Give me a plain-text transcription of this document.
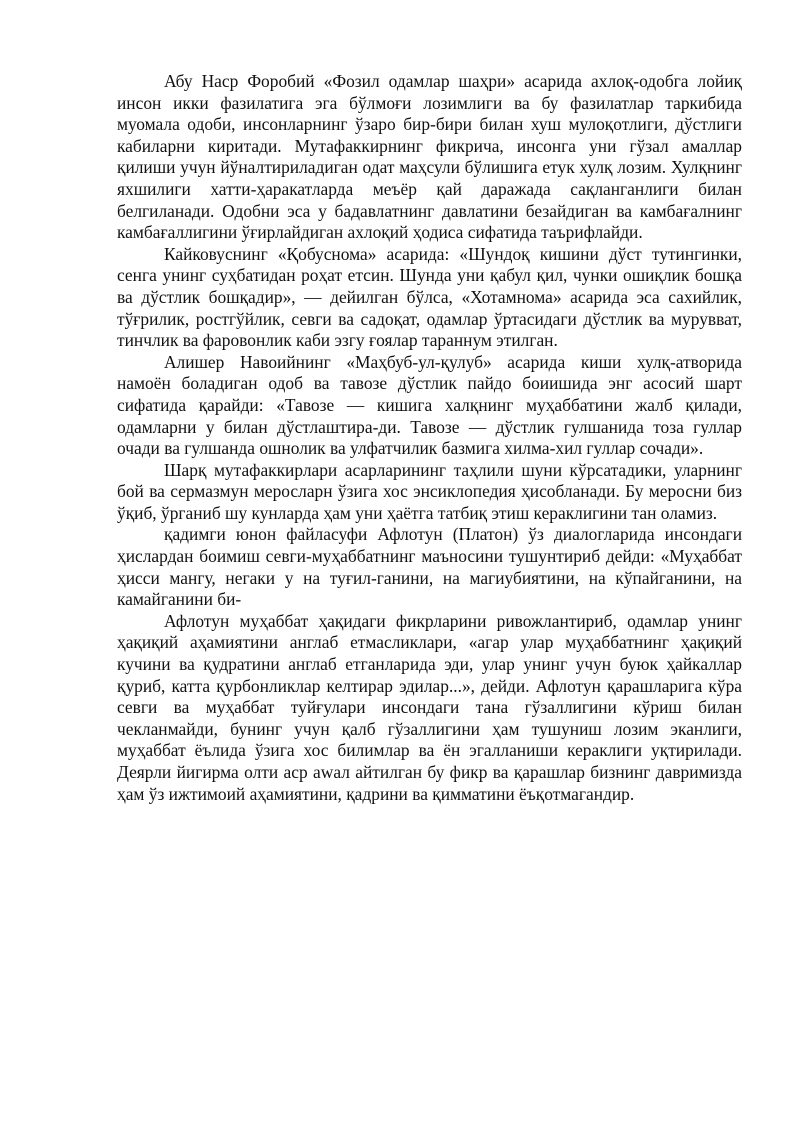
Абу Наср Форобий «Фозил одамлар шаҳри» асарида ахлоқ-одобга лойиқ инсон икки фазилатига эга бўлмоғи лозимлиги ва бу фазилатлар таркибида муомала одоби, инсонларнинг ўзаро бир-бири билан хуш мулоқотлиги, дўстлиги кабиларни киритади. Мутафаккирнинг фикрича, инсонга уни гўзал амаллар қилиши учун йўналтириладиган одат маҳсули бўлишига етук хулқ лозим. Хулқнинг яхшилиги хатти-ҳаракатларда меъёр қай даражада сақланганлиги билан белгиланади. Одобни эса у бадавлатнинг давлатини безайдиган ва камбағалнинг камбағаллигини ўғирлайдиган ахлоқий ҳодиса сифатида таърифлайди.

Кайковуснинг «Қобуснома» асарида: «Шундоқ кишини дўст тутингинки, сенга унинг суҳбатидан роҳат етсин. Шунда уни қабул қил, чунки ошиқлик бошқа ва дўстлик бошқадир», — дейилган бўлса, «Хотамнома» асарида эса сахийлик, тўғрилик, ростгўйлик, севги ва садоқат, одамлар ўртасидаги дўстлик ва мурувват, тинчлик ва фаровонлик каби эзгу ғоялар тараннум этилган.

Алишер Навоийнинг «Маҳбуб-ул-қулуб» асарида киши хулқ-атворида намоён боладиган одоб ва тавозе дўстлик пайдо боиишида энг асосий шарт сифатида қарайди: «Тавозе — кишига халқнинг муҳаббатини жалб қилади, одамларни у билан дўстлаштира-ди. Тавозе — дўстлик гулшанида тоза гуллар очади ва гулшанда ошнолик ва улфатчилик базмига хилма-хил гуллар сочади».

Шарқ мутафаккирлари асарларининг таҳлили шуни кўрсатадики, уларнинг бой ва сермазмун меросларн ўзига хос энсиклопедия ҳисобланади. Бу меросни биз ўқиб, ўрганиб шу кунларда ҳам уни ҳаётга татбиқ этиш кераклигини тан оламиз.

қадимги юнон файласуфи Афлотун (Платон) ўз диалогларида инсондаги ҳислардан боимиш севги-муҳаббатнинг маъносини тушунтириб дейди: «Муҳаббат ҳисси мангу, негаки у на туғил-ганини, на магиубиятини, на кўпайганини, на камайганини би-

Афлотун муҳаббат ҳақидаги фикрларини ривожлантириб, одамлар унинг ҳақиқий аҳамиятини англаб етмасликлари, «агар улар муҳаббатнинг ҳақиқий кучини ва қудратини англаб етганларида эди, улар унинг учун буюк ҳайкаллар қуриб, катта қурбонликлар келтирар эдилар...», дейди. Афлотун қарашларига кўра севги ва муҳаббат туйғулари инсондаги тана гўзаллигини кўриш билан чекланмайди, бунинг учун қалб гўзаллигини ҳам тушуниш лозим эканлиги, муҳаббат ёълида ўзига хос билимлар ва ён эгалланиши кераклиги уқтирилади. Деярли йигирма олти аср аwал айтилган бу фикр ва қарашлар бизнинг давримизда ҳам ўз ижтимоий аҳамиятини, қадрини ва қимматини ёъқотмагандир.
